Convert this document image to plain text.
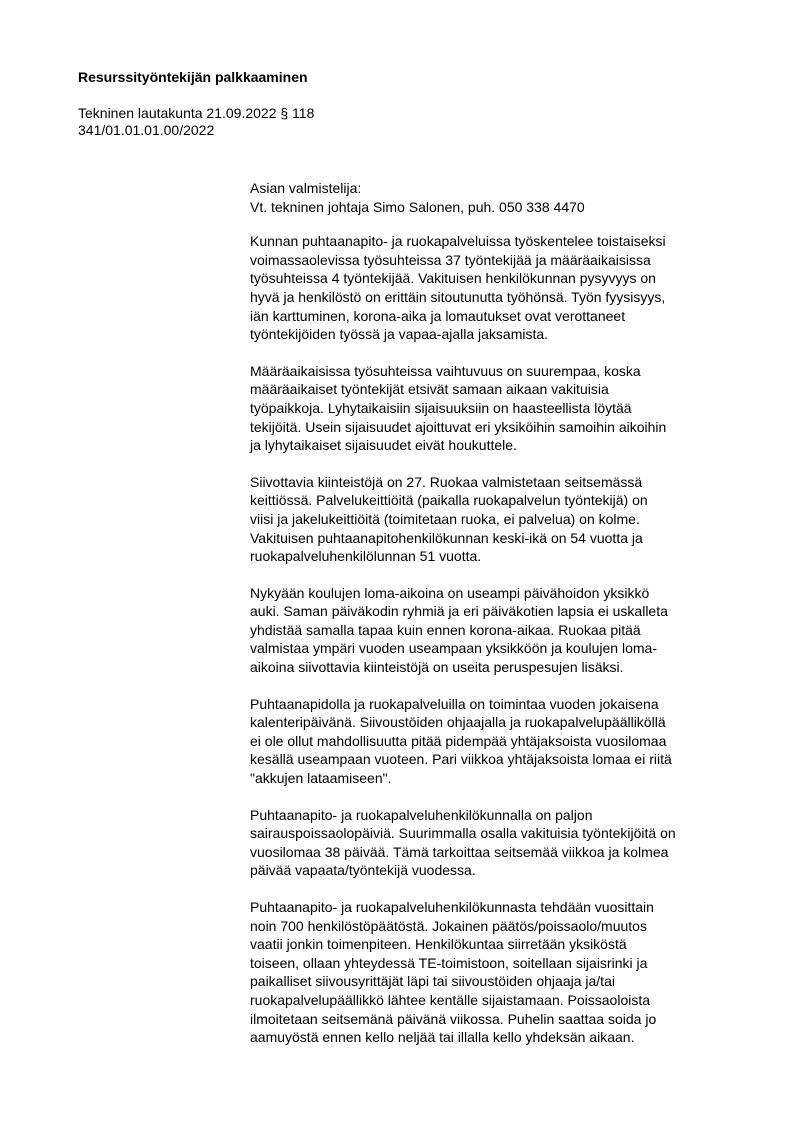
Resurssityöntekijän palkkaaminen
Tekninen lautakunta 21.09.2022 § 118
341/01.01.01.00/2022
Asian valmistelija:
Vt. tekninen johtaja Simo Salonen, puh. 050 338 4470
Kunnan puhtaanapito- ja ruokapalveluissa työskentelee toistaiseksi
voimassaolevissa työsuhteissa 37 työntekijää ja määräaikaisissa
työsuhteissa 4 työntekijää. Vakituisen henkilökunnan pysyvyys on
hyvä ja henkilöstö on erittäin sitoutunutta työhönsä. Työn fyysisyys,
iän karttuminen, korona-aika ja lomautukset ovat verottaneet
työntekijöiden työssä ja vapaa-ajalla jaksamista.
Määräaikaisissa työsuhteissa vaihtuvuus on suurempaa, koska
määräaikaiset työntekijät etsivät samaan aikaan vakituisia
työpaikkoja. Lyhytaikaisiin sijaisuuksiin on haasteellista löytää
tekijöitä. Usein sijaisuudet ajoittuvat eri yksiköihin samoihin aikoihin
ja lyhytaikaiset sijaisuudet eivät houkuttele.
Siivottavia kiinteistöjä on 27. Ruokaa valmistetaan seitsemässä
keittiössä. Palvelukeittiöitä (paikalla ruokapalvelun työntekijä) on
viisi ja jakelukeittiöitä (toimitetaan ruoka, ei palvelua) on kolme.
Vakituisen puhtaanapitohenkilökunnan keski-ikä on 54 vuotta ja
ruokapalveluhenkilölunnan 51 vuotta.
Nykyään koulujen loma-aikoina on useampi päivähoidon yksikkö
auki. Saman päiväkodin ryhmiä ja eri päiväkotien lapsia ei uskalleta
yhdistää samalla tapaa kuin ennen korona-aikaa. Ruokaa pitää
valmistaa ympäri vuoden useampaan yksikköön ja koulujen loma-
aikoina siivottavia kiinteistöjä on useita peruspesujen lisäksi.
Puhtaanapidolla ja ruokapalveluilla on toimintaa vuoden jokaisena
kalenteripäivänä. Siivoustöiden ohjaajalla ja ruokapalvelupäälliköllä
ei ole ollut mahdollisuutta pitää pidempää yhtäjaksoista vuosilomaa
kesällä useampaan vuoteen. Pari viikkoa yhtäjaksoista lomaa ei riitä
"akkujen lataamiseen".
Puhtaanapito- ja ruokapalveluhenkilökunnalla on paljon
sairauspoissaolopäiviä. Suurimmalla osalla vakituisia työntekijöitä on
vuosilomaa 38 päivää. Tämä tarkoittaa seitsemää viikkoa ja kolmea
päivää vapaata/työntekijä vuodessa.
Puhtaanapito- ja ruokapalveluhenkilökunnasta tehdään vuosittain
noin 700 henkilöstöpäätöstä. Jokainen päätös/poissaolo/muutos
vaatii jonkin toimenpiteen. Henkilökuntaa siirretään yksiköstä
toiseen, ollaan yhteydessä TE-toimistoon, soitellaan sijaisrinki ja
paikalliset siivousyrittäjät läpi tai siivoustöiden ohjaaja ja/tai
ruokapalvelupäällikkö lähtee kentälle sijaistamaan. Poissaoloista
ilmoitetaan seitsemänä päivänä viikossa. Puhelin saattaa soida jo
aamuyöstä ennen kello neljää tai illalla kello yhdeksän aikaan.
